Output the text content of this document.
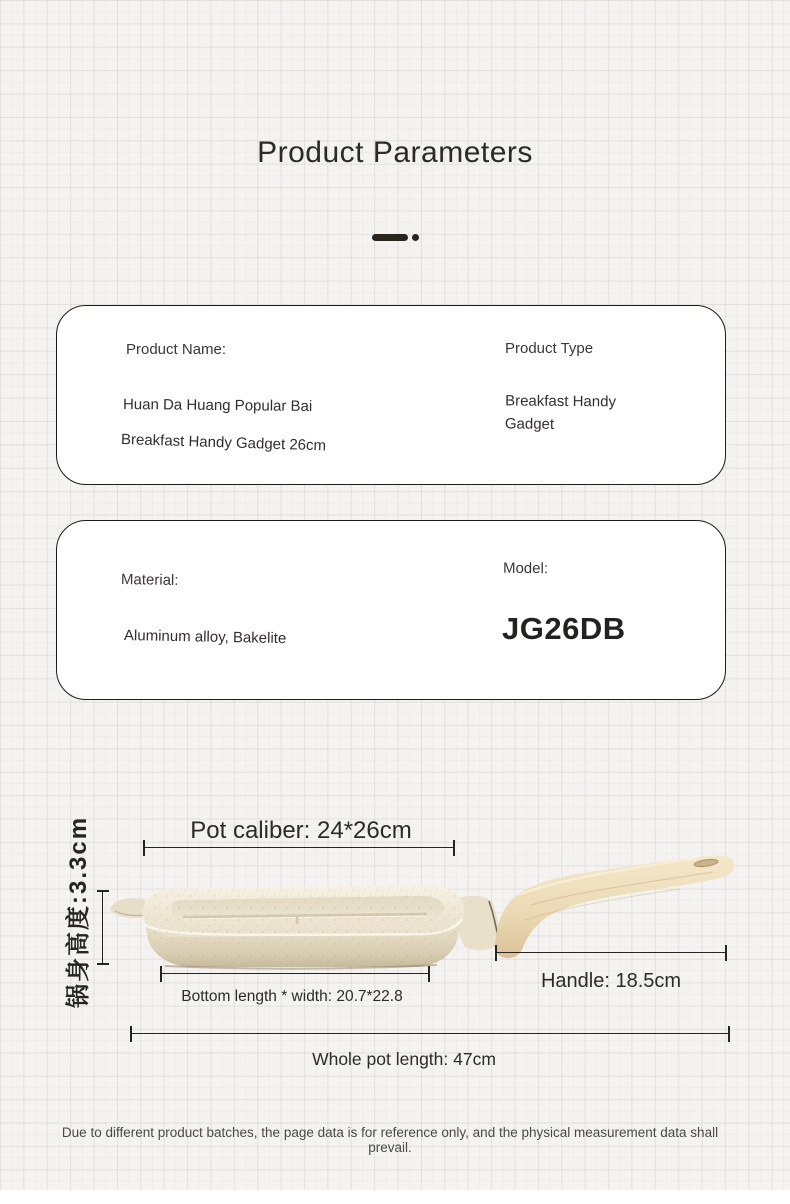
Product Parameters
Product Name:
Huan Da Huang Popular Bai
Breakfast Handy Gadget 26cm
Product Type
Breakfast Handy Gadget
Material:
Aluminum alloy, Bakelite
Model:
JG26DB
Pot caliber: 24*26cm
锅身高度:3.3cm	Bottom length * width: 20.7*22.8
Handle: 18.5cm
Whole pot length: 47cm

Due to different product batches, the page data is for reference only, and the physical measurement data shall prevail.
